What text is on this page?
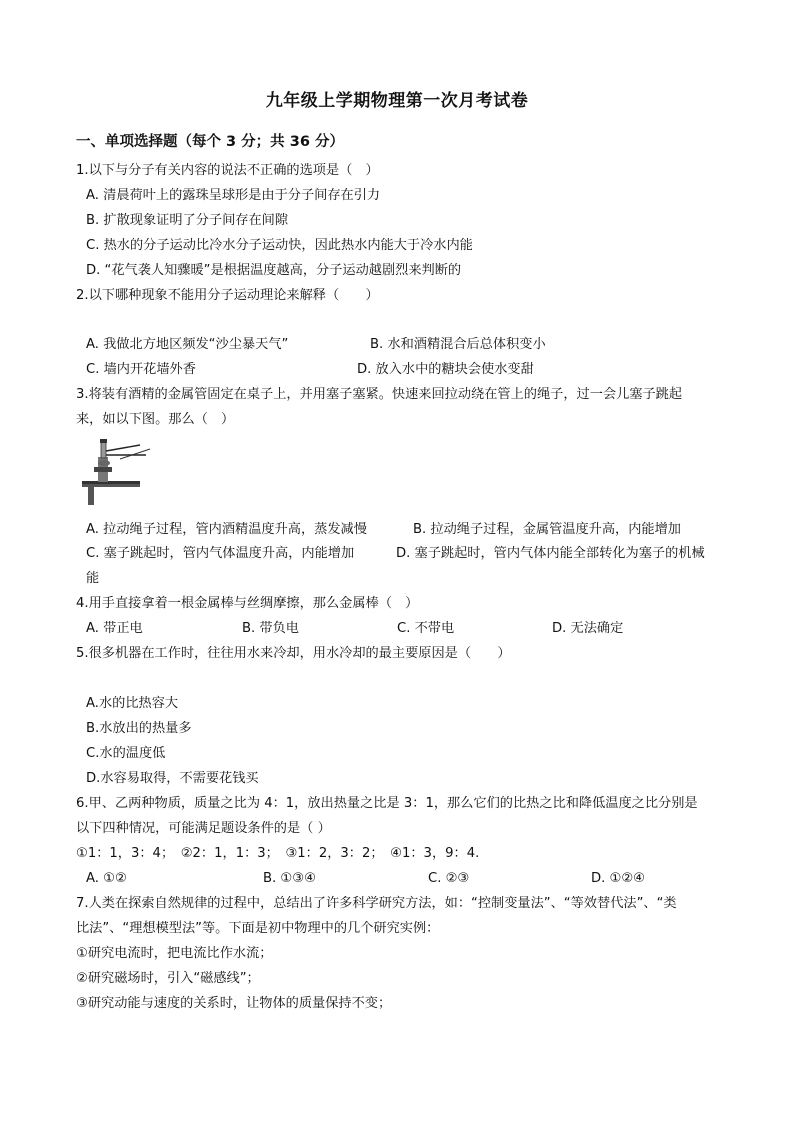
九年级上学期物理第一次月考试卷
一、单项选择题（每个 3 分；共 36 分）
1.以下与分子有关内容的说法不正确的选项是（　）
A. 清晨荷叶上的露珠呈球形是由于分子间存在引力
B. 扩散现象证明了分子间存在间隙
C. 热水的分子运动比冷水分子运动快，因此热水内能大于冷水内能
D. “花气袭人知骤暖”是根据温度越高，分子运动越剧烈来判断的
2.以下哪种现象不能用分子运动理论来解释（　　）
A. 我做北方地区频发“沙尘暴天气”	B. 水和酒精混合后总体积变小
C. 墙内开花墙外香	D. 放入水中的糖块会使水变甜
3.将装有酒精的金属管固定在桌子上，并用塞子塞紧。快速来回拉动绕在管上的绳子，过一会儿塞子跳起
来，如以下图。那么（　）
A. 拉动绳子过程，管内酒精温度升高，蒸发减慢	B. 拉动绳子过程，金属管温度升高，内能增加
C. 塞子跳起时，管内气体温度升高，内能增加	D. 塞子跳起时，管内气体内能全部转化为塞子的机械
能
4.用手直接拿着一根金属棒与丝绸摩擦，那么金属棒（　）
A. 带正电	B. 带负电	C. 不带电	D. 无法确定
5.很多机器在工作时，往往用水来冷却，用水冷却的最主要原因是（　　）
A.水的比热容大
B.水放出的热量多
C.水的温度低
D.水容易取得，不需要花钱买
6.甲、乙两种物质，质量之比为 4：1，放出热量之比是 3：1，那么它们的比热之比和降低温度之比分别是
以下四种情况，可能满足题设条件的是（ ）
①1：1，3：4；　②2：1，1：3；　③1：2，3：2；　④1：3，9：4.
A. ①②	B. ①③④	C. ②③	D. ①②④
7.人类在探索自然规律的过程中，总结出了许多科学研究方法，如：“控制变量法”、“等效替代法”、“类
比法”、“理想模型法”等。下面是初中物理中的几个研究实例：
①研究电流时，把电流比作水流；
②研究磁场时，引入“磁感线”；
③研究动能与速度的关系时，让物体的质量保持不变；
